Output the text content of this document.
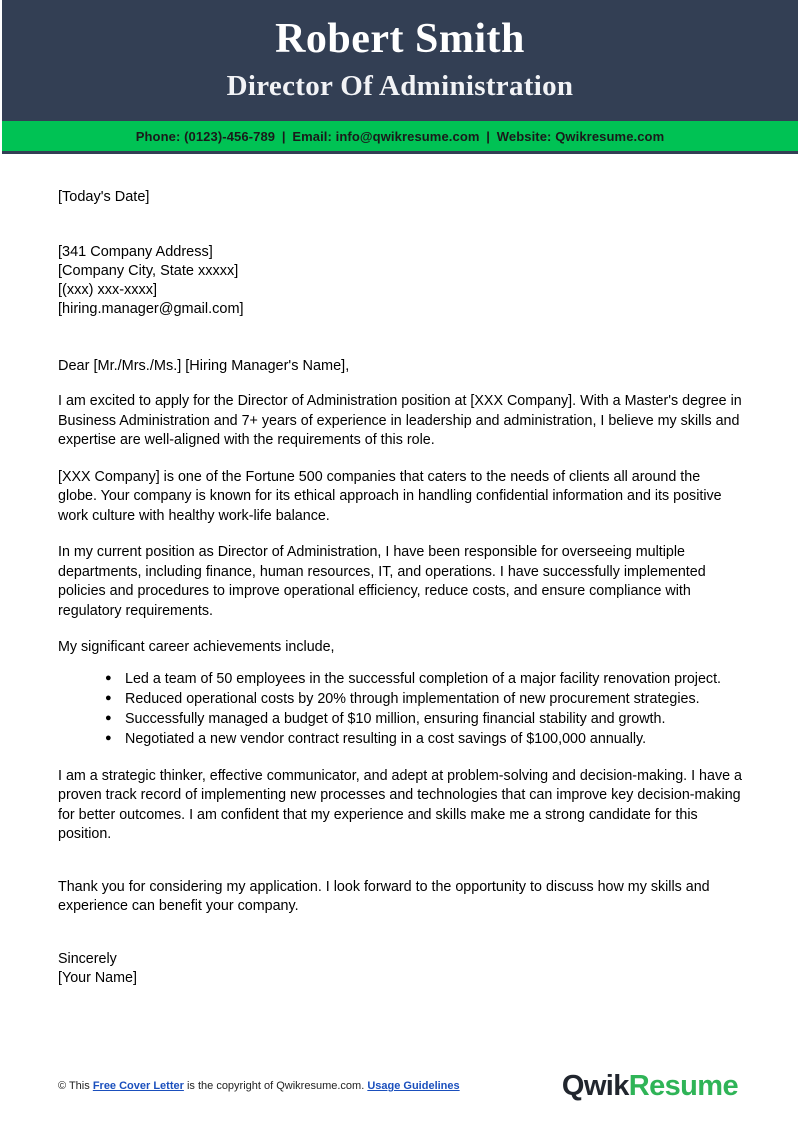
Robert Smith
Director Of Administration
Phone: (0123)-456-789 | Email: info@qwikresume.com | Website: Qwikresume.com
[Today's Date]
[341 Company Address]
[Company City, State xxxxx]
[(xxx) xxx-xxxx]
[hiring.manager@gmail.com]
Dear [Mr./Mrs./Ms.] [Hiring Manager's Name],

I am excited to apply for the Director of Administration position at [XXX Company]. With a Master's degree in Business Administration and 7+ years of experience in leadership and administration, I believe my skills and expertise are well-aligned with the requirements of this role.

[XXX Company] is one of the Fortune 500 companies that caters to the needs of clients all around the globe. Your company is known for its ethical approach in handling confidential information and its positive work culture with healthy work-life balance.

In my current position as Director of Administration, I have been responsible for overseeing multiple departments, including finance, human resources, IT, and operations. I have successfully implemented policies and procedures to improve operational efficiency, reduce costs, and ensure compliance with regulatory requirements.

My significant career achievements include,

● Led a team of 50 employees in the successful completion of a major facility renovation project.
● Reduced operational costs by 20% through implementation of new procurement strategies.
● Successfully managed a budget of $10 million, ensuring financial stability and growth.
● Negotiated a new vendor contract resulting in a cost savings of $100,000 annually.

I am a strategic thinker, effective communicator, and adept at problem-solving and decision-making. I have a proven track record of implementing new processes and technologies that can improve key decision-making for better outcomes. I am confident that my experience and skills make me a strong candidate for this position.

Thank you for considering my application. I look forward to the opportunity to discuss how my skills and experience can benefit your company.

Sincerely
[Your Name]
© This Free Cover Letter is the copyright of Qwikresume.com. Usage Guidelines	QwikResume
